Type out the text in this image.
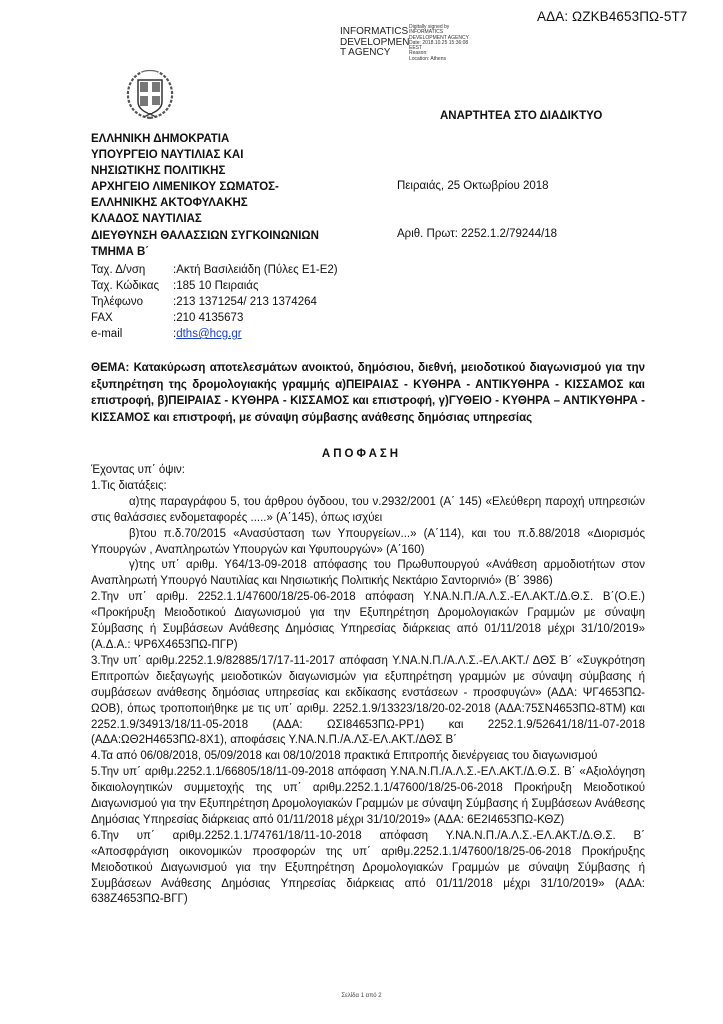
ΑΔΑ: ΩΖΚΒ4653ΠΩ-5Τ7
INFORMATICS
DEVELOPMEN
T AGENCY
Digitally signed by
INFORMATICS
DEVELOPMENT AGENCY
Date: 2018.10.25 15:36:08
EEST
Reason:
Location: Athens
ΑΝΑΡΤΗΤΕΑ ΣΤΟ ΔΙΑΔΙΚΤΥΟ
ΕΛΛΗΝΙΚΗ ΔΗΜΟΚΡΑΤΙΑ
ΥΠΟΥΡΓΕΙΟ ΝΑΥΤΙΛΙΑΣ ΚΑΙ
ΝΗΣΙΩΤΙΚΗΣ ΠΟΛΙΤΙΚΗΣ
ΑΡΧΗΓΕΙΟ ΛΙΜΕΝΙΚΟΥ ΣΩΜΑΤΟΣ-
ΕΛΛΗΝΙΚΗΣ ΑΚΤΟΦΥΛΑΚΗΣ
ΚΛΑΔΟΣ ΝΑΥΤΙΛΙΑΣ
ΔΙΕΥΘΥΝΣΗ ΘΑΛΑΣΣΙΩΝ ΣΥΓΚΟΙΝΩΝΙΩΝ
ΤΜΗΜΑ Β΄
Πειραιάς, 25 Οκτωβρίου 2018
Αριθ. Πρωτ: 2252.1.2/79244/18
Ταχ. Δ/νση	:Ακτή Βασιλειάδη (Πύλες Ε1-Ε2)
Ταχ. Κώδικας	:185 10 Πειραιάς
Τηλέφωνο	:213 1371254/ 213 1374264
FAX	:210 4135673
e-mail	: dths@hcg.gr
ΘΕΜΑ: Κατακύρωση αποτελεσμάτων ανοικτού, δημόσιου, διεθνή, μειοδοτικού διαγωνισμού για την εξυπηρέτηση της δρομολογιακής γραμμής α)ΠΕΙΡΑΙΑΣ - ΚΥΘΗΡΑ - ΑΝΤΙΚΥΘΗΡΑ - ΚΙΣΣΑΜΟΣ και επιστροφή, β)ΠΕΙΡΑΙΑΣ - ΚΥΘΗΡΑ - ΚΙΣΣΑΜΟΣ και επιστροφή, γ)ΓΥΘΕΙΟ - ΚΥΘΗΡΑ – ΑΝΤΙΚΥΘΗΡΑ - ΚΙΣΣΑΜΟΣ και επιστροφή, με σύναψη σύμβασης ανάθεσης δημόσιας υπηρεσίας
ΑΠΟΦΑΣΗ

Έχοντας υπ΄ όψιν:

1.Τις διατάξεις:

α)της παραγράφου 5, του άρθρου όγδοου, του ν.2932/2001 (Α΄ 145) «Ελεύθερη παροχή υπηρεσιών στις θαλάσσιες ενδομεταφορές .....» (Α΄145), όπως ισχύει

β)του π.δ.70/2015 «Ανασύσταση των Υπουργείων...» (Α΄114), και του π.δ.88/2018 «Διορισμός Υπουργών , Αναπληρωτών Υπουργών και Υφυπουργών» (Α΄160)

γ)της υπ΄ αριθμ. Υ64/13-09-2018 απόφασης του Πρωθυπουργού «Ανάθεση αρμοδιοτήτων στον Αναπληρωτή Υπουργό Ναυτιλίας και Νησιωτικής Πολιτικής Νεκτάριο Σαντορινιό» (Β΄ 3986)

2.Την υπ΄ αριθμ. 2252.1.1/47600/18/25-06-2018 απόφαση Υ.ΝΑ.Ν.Π./Α.Λ.Σ.-ΕΛ.ΑΚΤ./Δ.Θ.Σ. Β΄(Ο.Ε.) «Προκήρυξη Μειοδοτικού Διαγωνισμού για την Εξυπηρέτηση Δρομολογιακών Γραμμών με σύναψη Σύμβασης ή Συμβάσεων Ανάθεσης Δημόσιας Υπηρεσίας διάρκειας από 01/11/2018 μέχρι 31/10/2019» (Α.Δ.Α.: ΨΡ6Χ4653ΠΩ-ΠΓΡ)

3.Την υπ΄ αριθμ.2252.1.9/82885/17/17-11-2017 απόφαση Υ.ΝΑ.Ν.Π./Α.Λ.Σ.-ΕΛ.ΑΚΤ./ ΔΘΣ Β΄ «Συγκρότηση Επιτροπών διεξαγωγής μειοδοτικών διαγωνισμών για εξυπηρέτηση γραμμών με σύναψη σύμβασης ή συμβάσεων ανάθεσης δημόσιας υπηρεσίας και εκδίκασης ενστάσεων - προσφυγών» (ΑΔΑ: ΨΓ4653ΠΩ-ΩΟΒ), όπως τροποποιήθηκε με τις υπ΄ αριθμ. 2252.1.9/13323/18/20-02-2018 (ΑΔΑ:75ΣΝ4653ΠΩ-8ΤΜ) και 2252.1.9/34913/18/11-05-2018 (ΑΔΑ: ΩΣΙ84653ΠΩ-ΡΡ1) και 2252.1.9/52641/18/11-07-2018 (ΑΔΑ:ΩΘ2Η4653ΠΩ-8Χ1), αποφάσεις Υ.ΝΑ.Ν.Π./Α.ΛΣ-ΕΛ.ΑΚΤ./ΔΘΣ Β΄

4.Τα από 06/08/2018, 05/09/2018 και 08/10/2018 πρακτικά Επιτροπής διενέργειας του διαγωνισμού

5.Την υπ΄ αριθμ.2252.1.1/66805/18/11-09-2018 απόφαση Υ.ΝΑ.Ν.Π./Α.Λ.Σ.-ΕΛ.ΑΚΤ./Δ.Θ.Σ. Β΄ «Αξιολόγηση δικαιολογητικών συμμετοχής της υπ΄ αριθμ.2252.1.1/47600/18/25-06-2018 Προκήρυξη Μειοδοτικού Διαγωνισμού για την Εξυπηρέτηση Δρομολογιακών Γραμμών με σύναψη Σύμβασης ή Συμβάσεων Ανάθεσης Δημόσιας Υπηρεσίας διάρκειας από 01/11/2018 μέχρι 31/10/2019» (ΑΔΑ: 6Ε2Ι4653ΠΩ-ΚΘΖ)

6.Την υπ΄ αριθμ.2252.1.1/74761/18/11-10-2018 απόφαση Υ.ΝΑ.Ν.Π./Α.Λ.Σ.-ΕΛ.ΑΚΤ./Δ.Θ.Σ. Β΄ «Αποσφράγιση οικονομικών προσφορών της υπ΄ αριθμ.2252.1.1/47600/18/25-06-2018 Προκήρυξης Μειοδοτικού Διαγωνισμού για την Εξυπηρέτηση Δρομολογιακών Γραμμών με σύναψη Σύμβασης ή Συμβάσεων Ανάθεσης Δημόσιας Υπηρεσίας διάρκειας από 01/11/2018 μέχρι 31/10/2019» (ΑΔΑ: 638Ζ4653ΠΩ-ΒΓΓ)

Σελίδα 1 από 2
